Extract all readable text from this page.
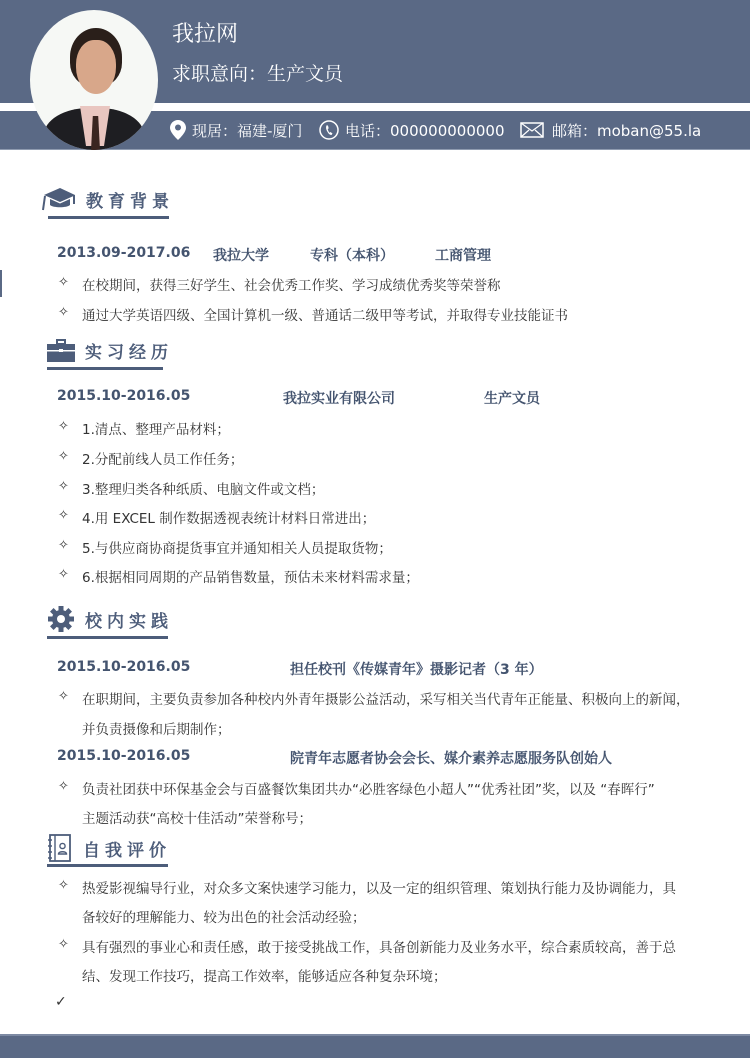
我拉网
求职意向：生产文员
现居：福建-厦门	电话：000000000000	邮箱：moban@55.la
教育背景
2013.09-2017.06 我拉大学	专科（本科）	工商管理
✧ 在校期间，获得三好学生、社会优秀工作奖、学习成绩优秀奖等荣誉称
✧ 通过大学英语四级、全国计算机一级、普通话二级甲等考试，并取得专业技能证书
实习经历
2015.10-2016.05	我拉实业有限公司	生产文员
✧ 1.清点、整理产品材料；
✧ 2.分配前线人员工作任务；
✧ 3.整理归类各种纸质、电脑文件或文档；
✧ 4.用 EXCEL 制作数据透视表统计材料日常进出；
✧ 5.与供应商协商提货事宜并通知相关人员提取货物；
✧ 6.根据相同周期的产品销售数量，预估未来材料需求量；
校内实践
2015.10-2016.05	担任校刊《传媒青年》摄影记者（3 年）
✧ 在职期间，主要负责参加各种校内外青年摄影公益活动，采写相关当代青年正能量、积极向上的新闻，
并负责摄像和后期制作；
2015.10-2016.05	院青年志愿者协会会长、媒介素养志愿服务队创始人
✧ 负责社团获中环保基金会与百盛餐饮集团共办“必胜客绿色小超人”“优秀社团”奖，以及 “春晖行”
主题活动获“高校十佳活动”荣誉称号；
自我评价
✧ 热爱影视编导行业，对众多文案快速学习能力，以及一定的组织管理、策划执行能力及协调能力，具
备较好的理解能力、较为出色的社会活动经验；
✧ 具有强烈的事业心和责任感，敢于接受挑战工作，具备创新能力及业务水平，综合素质较高，善于总
结、发现工作技巧，提高工作效率，能够适应各种复杂环境；
✓
